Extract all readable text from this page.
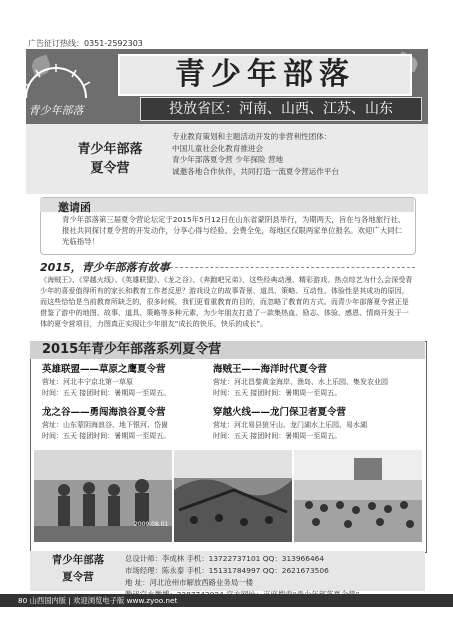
广告征订热线：0351-2592303
青少年部落
青少年部落
投放省区：河南、山西、江苏、山东
青少年部落
夏令营
专业教育策划和主题活动开发的非营利性团体：
中国儿童社会化教育推进会
青少年部落夏令营 少年探险 营地
诚邀各地合作伙伴，共同打造一流夏令营运作平台
邀请函
青少年部落第三届夏令营论坛定于2015年5月12日在山东省蒙阴县举行，为期两天，旨在与各地旅行社、报社共同探讨夏令营的开发动作，分享心得与经验。会费全免，每地区仅限两家单位报名。欢迎广大同仁光临指导！
2015，青少年部落有故事
《海贼王》、《穿越火线》、《英雄联盟》、《龙之谷》、《奔跑吧兄弟》，这些经典动漫、精彩游戏、热点综艺为什么会深受青少年的喜爱值得所有的家长和教育工作者反思？游戏设立的故事背景、道具、策略、互动性、体验性是其成功的原因，而这些恰恰是当前教育所缺乏的，很多时候，我们更看重教育的目的，而忽略了教育的方式。而青少年部落夏令营正是借鉴了游中的地图、故事、道具、策略等多种元素，为少年朋友打造了一款集热血、励志、体验、感恩、情商开发于一体的夏令营项目，力图真正实现让少年朋友“成长的快乐，快乐的成长”。
2015年青少年部落系列夏令营
英雄联盟——草原之鹰夏令营
营址：河北丰宁京北第一草原
时间：五天 接团时间：暑期周一至周五。
海贼王——海洋时代夏令营
营址：河北昌黎黄金海岸、渔岛、水上乐园、集发农业园
时间：五天 接团时间：暑期周一至周五。
龙之谷——勇闯海浪谷夏令营
营址：山东蒙阴海浪谷、地下银河、岱崮
时间：五天 接团时间：暑期周一至周五。
穿越火线——龙门保卫者夏令营
营址：河北易县狼牙山、龙门湖水上乐园、易水湖
时间：五天 接团时间：暑期周一至周五。
2009.08.01
青少年部落
夏令营
总设计师：李成林 手机：13722737101 QQ：313966464
市场经理：陈永泰 手机：15131784997 QQ：2621673506
地 址：河北沧州市解放西路业务局一楼
80 山西国内版 | 欢迎浏览电子版 www.zyoo.net
